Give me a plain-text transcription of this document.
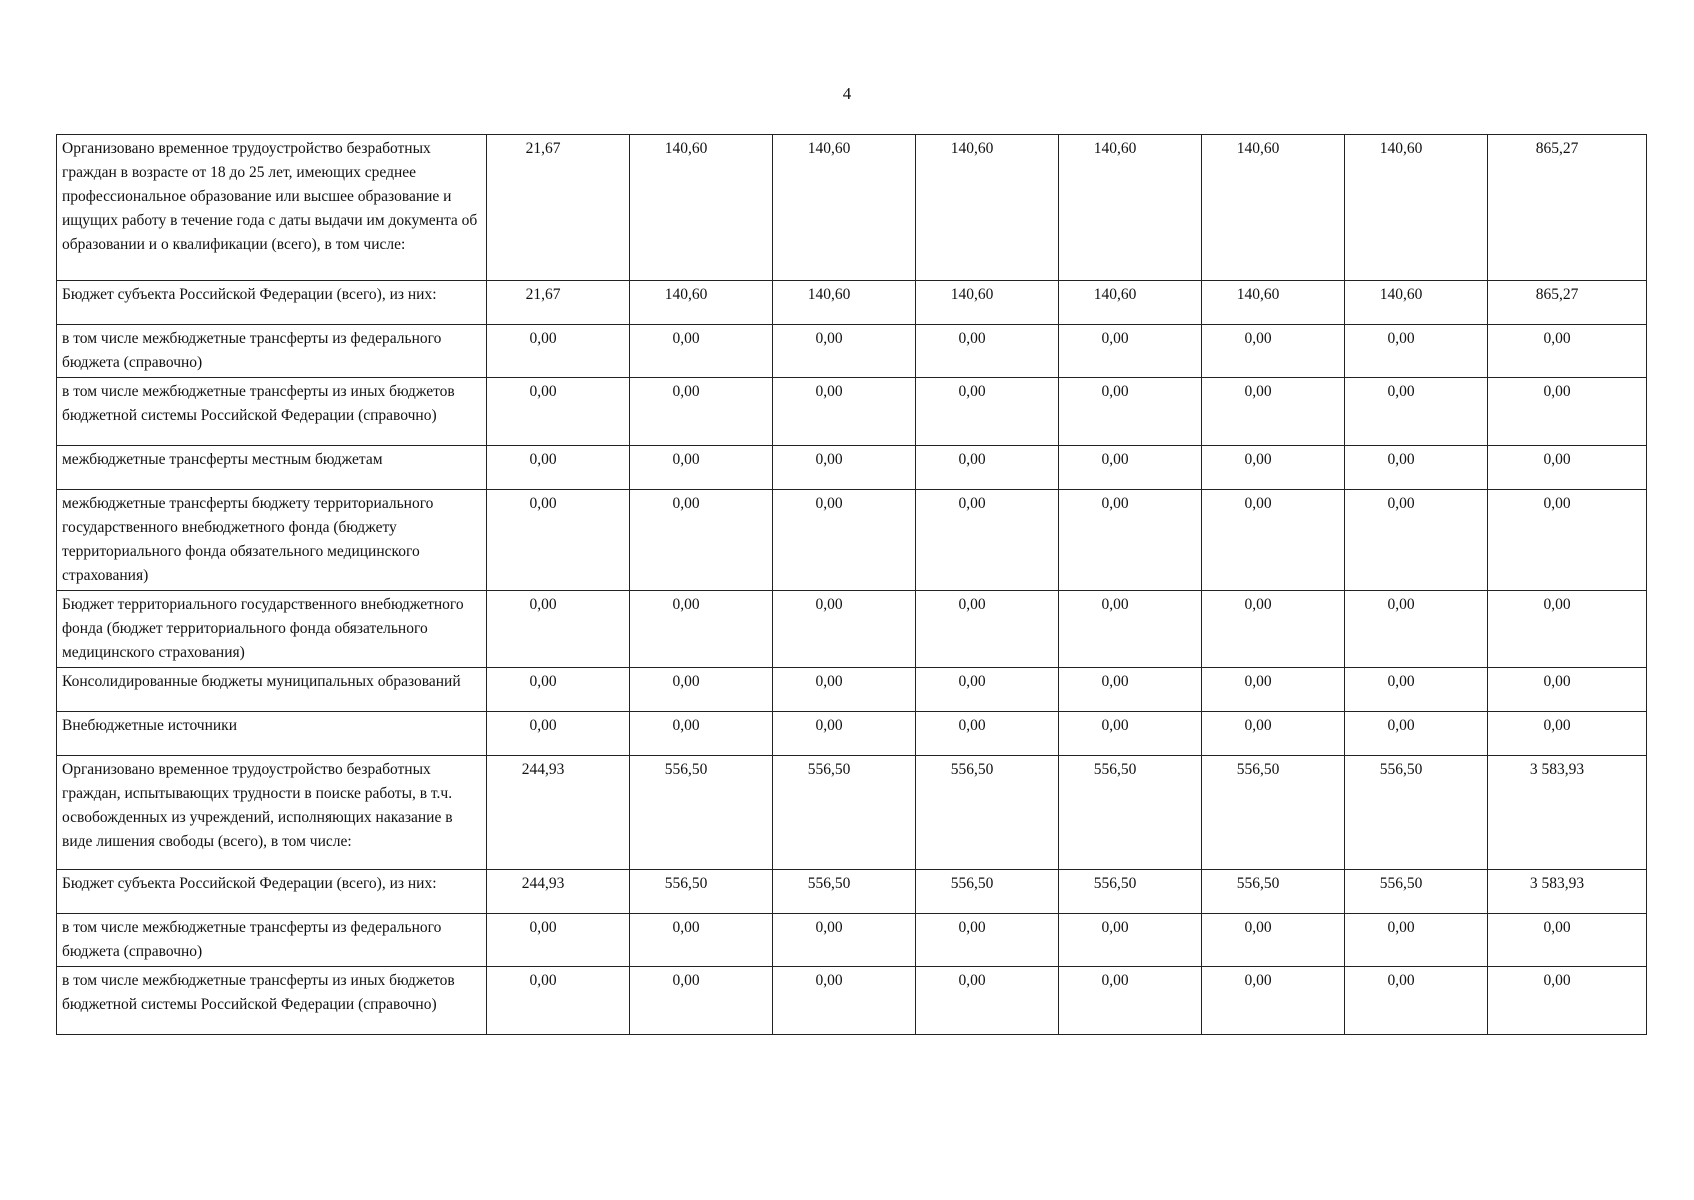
4
Организовано временное трудоустройство безработных граждан в возрасте от 18 до 25 лет, имеющих среднее профессиональное образование или высшее образование и ищущих работу в течение года с даты выдачи им документа об образовании и о квалификации (всего), в том числе:	21,67	140,60	140,60	140,60	140,60	140,60	140,60	865,27
Бюджет субъекта Российской Федерации (всего), из них:	21,67	140,60	140,60	140,60	140,60	140,60	140,60	865,27
в том числе межбюджетные трансферты из федерального бюджета (справочно)	0,00	0,00	0,00	0,00	0,00	0,00	0,00	0,00
в том числе межбюджетные трансферты из иных бюджетов бюджетной системы Российской Федерации (справочно)	0,00	0,00	0,00	0,00	0,00	0,00	0,00	0,00
межбюджетные трансферты местным бюджетам	0,00	0,00	0,00	0,00	0,00	0,00	0,00	0,00
межбюджетные трансферты бюджету территориального государственного внебюджетного фонда (бюджету территориального фонда обязательного медицинского страхования)	0,00	0,00	0,00	0,00	0,00	0,00	0,00	0,00
Бюджет территориального государственного внебюджетного фонда (бюджет территориального фонда обязательного медицинского страхования)	0,00	0,00	0,00	0,00	0,00	0,00	0,00	0,00
Консолидированные бюджеты муниципальных образований	0,00	0,00	0,00	0,00	0,00	0,00	0,00	0,00
Внебюджетные источники	0,00	0,00	0,00	0,00	0,00	0,00	0,00	0,00
Организовано временное трудоустройство безработных граждан, испытывающих трудности в поиске работы, в т.ч. освобожденных из учреждений, исполняющих наказание в виде лишения свободы (всего), в том числе:	244,93	556,50	556,50	556,50	556,50	556,50	556,50	3 583,93
Бюджет субъекта Российской Федерации (всего), из них:	244,93	556,50	556,50	556,50	556,50	556,50	556,50	3 583,93
в том числе межбюджетные трансферты из федерального бюджета (справочно)	0,00	0,00	0,00	0,00	0,00	0,00	0,00	0,00
в том числе межбюджетные трансферты из иных бюджетов бюджетной системы Российской Федерации (справочно)	0,00	0,00	0,00	0,00	0,00	0,00	0,00	0,00
